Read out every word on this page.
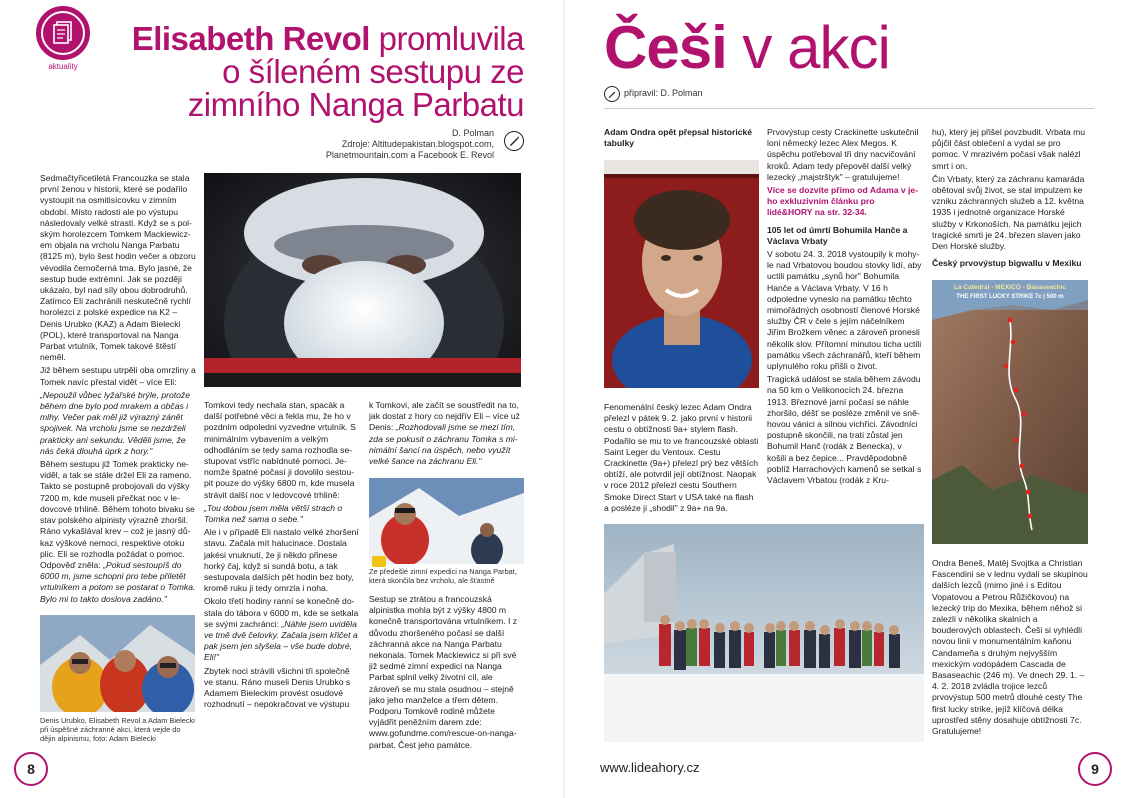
aktuality
Elisabeth Revol promluvila
o šíleném sestupu ze
zimního Nanga Parbatu
D. Polman
Zdroje: Altitudepakistan.blogspot.com,
Planetmountain.com a Facebook E. Revol

Sedmačtyřicetiletá Francouzka se stala první ženou v historii, které se podařilo vystoupit na osmitisícovku v zimním období. Místo radosti ale po výstupu následovaly velké strasti. Když se s polským horolezcem Tomkem Mackiewiczem objala na vrcholu Nanga Parbatu (8125 m), bylo šest hodin večer a obzoru vévodila černočerná tma. Bylo jasné, že sestup bude extrémní. Jak se později ukázalo, byl nad síly obou dobrodruhů. Zatímco Eli zachránili neskutečně rychlí horolezci z polské expedice na K2 – Denis Urubko (KAZ) a Adam Bielecki (POL), které transportoval na Nanga Parbat vrtulník, Tomek takové štěstí neměl.

Již během sestupu utrpěli oba omrzliny a Tomek navíc přestal vidět – více Eli:

„Nepoužil vůbec lyžařské brýle, protože během dne bylo pod mrakem a občas i mlhy. Večer pak měl již výrazný zánět spojivek. Na vrcholu jsme se nezdrželi prakticky ani sekundu. Věděli jsme, že nás čeká dlouhá úprk z hory."

Během sestupu již Tomek prakticky neviděl, a tak se stále držel Eli za rameno. Takto se postupně probojovali do výšky 7200 m, kde museli přečkat noc v ledovcové trhlině. Během tohoto bivaku se stav polského alpinisty výrazně zhoršil. Ráno vykašlával krev – což je jasný důkaz výškové nemoci, respektive otoku plic. Eli se rozhodla požádat o pomoc. Odpověď zněla: „Pokud sestoupíš do 6000 m, jsme schopni pro tebe přiletět vrtulníkem a potom se postarat o Tomka. Bylo mi to takto doslova zadáno."

Denis Urubko, Elisabeth Revol a Adam Bielecki při úspěšné záchranné akci, která vejde do dějin alpinismu, foto: Adam Bielecki

Tomkovi tedy nechala stan, spacák a další potřebné věci a fekla mu, že ho v pozdním odpoledni vyzvedne vrtulník. S minimálním vybavením a velkým odhodláním se tedy sama rozhodla sestupovat vstříc nabídnuté pomoci. Jenomže špatné počasí ji dovolilo sestoupit pouze do výšky 6800 m, kde musela strávit další noc v ledovcové trhlině:

„Tou dobou jsem měla větší strach o Tomka než sama o sebe."

Ale i v případě Eli nastalo velké zhoršení stavu. Začala mít halucinace. Dostala jakési vnuknutí, že ji někdo přinese horký čaj, když si sundá botu, a tak sestupovala dalších pět hodin bez boty, kromě ruku ji tedy omrzla i noha.

Okolo třetí hodiny ranní se konečně dostala do tábora v 6000 m, kde se setkala se svými zachránci: „Náhle jsem uviděla ve tmě dvě čelovky. Začala jsem křičet a pak jsem jen slyšela – vše bude dobré, Eli!"

Zbytek noci strávili všichni tři společně ve stanu. Ráno museli Denis Urubko s Adamem Bieleckim provést osudové rozhodnutí – nepokračovat ve výstupu

k Tomkovi, ale začít se soustředit na to, jak dostat z hory co nejdřív Eli – více už Denis: „Rozhodovali jsme se mezi tím, zda se pokusit o záchranu Tomka s minimální šancí na úspěch, nebo využít velké šance na záchranu Eli."

Ze předešlé zimní expedici na Nanga Parbat, která skončila bez vrcholu, ale šťastně

Sestup se ztrátou a francouzská alpinistka mohla být z výšky 4800 m konečně transportována vrtulníkem. I z důvodu zhoršeného počasí se další záchranná akce na Nanga Parbatu nekonala. Tomek Mackiewicz si při své již sedmé zimní expedici na Nanga Parbat splnil velký životní cíl, ale zároveň se mu stala osudnou – stejně jako jeho manželce a třem dětem. Podporu Tomkově rodině můžete vyjádřit peněžním darem zde: www.gofundme.com/rescue-on-nanga-parbat. Čest jeho památce.

8
Češi v akci
připravil: D. Polman
Adam Ondra opět přepsal historické tabulky

Fenomenální český lezec Adam Ondra přelezl v pátek 9. 2. jako první v historii cestu o obtížnosti 9a+ stylem flash. Podařilo se mu to ve francouzské oblasti Saint Leger du Ventoux. Cestu Crackinette (9a+) přelezl prý bez větších obtíží, ale potvrdil její obtížnost. Naopak v roce 2012 přelezl cestu Southern Smoke Direct Start v USA také na flash a posléze ji „shodil" z 9a+ na 9a.

Prvovýstup cesty Crackinette uskutečnil loni německý lezec Alex Megos. K úspěchu potřeboval tři dny nacvičování kroků. Adam tedy přepověl další velký lezecký „majstrštyk" – gratulujeme!

Více se dozvíte přímo od Adama v jeho exkluzivním článku pro lidé&HORY na str. 32-34.

105 let od úmrtí Bohumila Hanče a Václava Vrbaty

V sobotu 24. 3. 2018 vystoupily k mohyle nad Vrbatovou boudou stovky lidí, aby uctili památku „synů hor" Bohumila Hanče a Václava Vrbaty. V 16 h odpoledne vyneslo na památku těchto mimořádných osobností členové Horské služby ČR v čele s jejím náčelníkem Jiřím Brožkem věnec a zároveň pronesli několik slov. Přítomní minutou ticha uctili památku všech záchranářů, kteří během uplynulého roku přišli o život.

Tragická událost se stala během závodu na 50 km o Velikonocích 24. března 1913. Březnové jarní počasí se náhle zhoršilo, déšť se posléze změnil ve sněhovou vánici a silnou vichřici. Závodníci postupně skončili, na trati zůstal jen Bohumil Hanč (rodák z Benecka), v košili a bez čepice... Pravděpodobně poblíž Harrachových kamenů se setkal s Václavem Vrbatou (rodák z Kru-

hu), který jej přišel povzbudit. Vrbata mu půjčil část oblečení a vydal se pro pomoc. V mrazivém počasí však nalézl smrt i on.

Čin Vrbaty, který za záchranu kamaráda obětoval svůj život, se stal impulzem ke vzniku záchranných služeb a 12. května 1935 i jednotné organizace Horské služby v Krkonoších. Na památku jejich tragické smrti je 24. březen slaven jako Den Horské služby.

Český prvovýstup bigwallu v Mexiku

La Catedral - MEXICO - Basaseachic
THE FIRST LUCKY STRIKE 7c | 500 m

Ondra Beneš, Matěj Svojtka a Christian Fascendini se v lednu vydali se skupinou dalších lezců (mimo jiné i s Editou Vopatovou a Petrou Růžičkovou) na lezecký trip do Mexika, během něhož si zalezli v několika skalních a bouderových oblastech. Češi si vyhlédli novou linii v monumentálním kaňonu Candameña s druhým nejvyšším mexickým vodopádem Cascada de Basaseachic (246 m). Ve dnech 29. 1. – 4. 2. 2018 zvládla trojice lezců prvovýstup 500 metrů dlouhé cesty The first lucky strike, jejíž klíčová délka uprostřed stěny dosahuje obtížnosti 7c. Gratulujeme!

www.lideahory.cz	9
